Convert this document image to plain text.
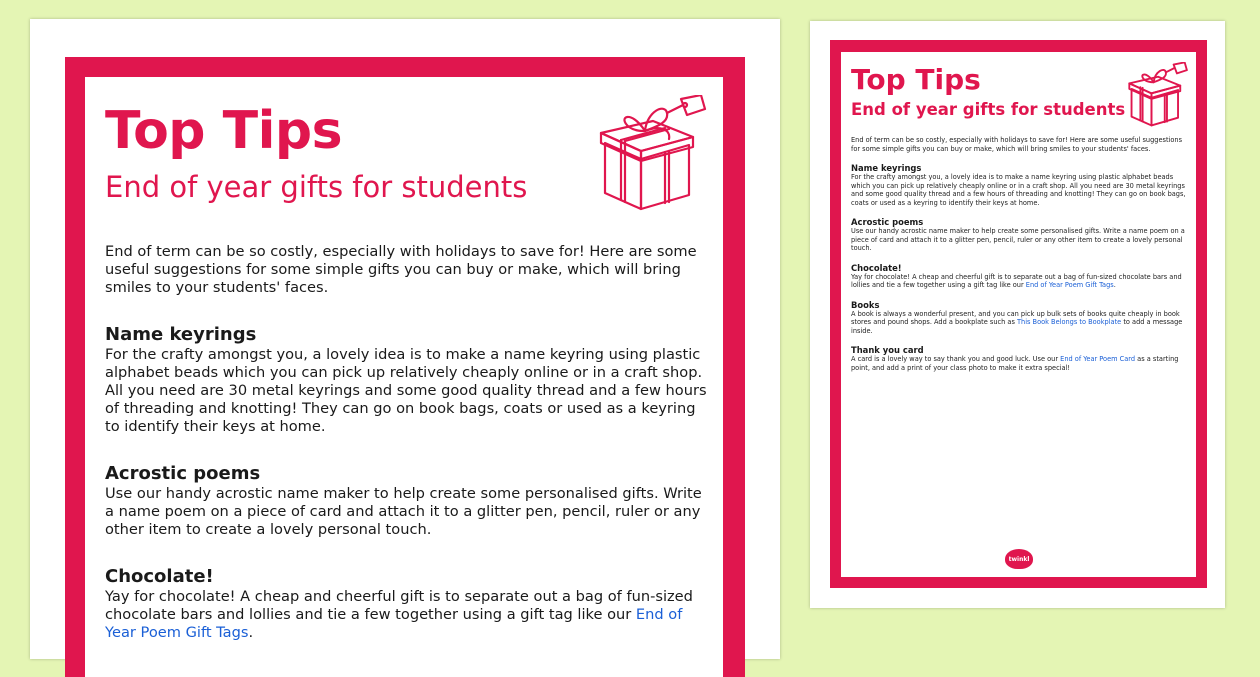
Top Tips
End of year gifts for students

End of term can be so costly, especially with holidays to save for! Here are some useful suggestions for some simple gifts you can buy or make, which will bring smiles to your students' faces.

Name keyrings

For the crafty amongst you, a lovely idea is to make a name keyring using plastic alphabet beads which you can pick up relatively cheaply online or in a craft shop. All you need are 30 metal keyrings and some good quality thread and a few hours of threading and knotting! They can go on book bags, coats or used as a keyring to identify their keys at home.

Acrostic poems

Use our handy acrostic name maker to help create some personalised gifts. Write a name poem on a piece of card and attach it to a glitter pen, pencil, ruler or any other item to create a lovely personal touch.

Chocolate!

Yay for chocolate! A cheap and cheerful gift is to separate out a bag of fun-sized chocolate bars and lollies and tie a few together using a gift tag like our End of Year Poem Gift Tags.

Top Tips
End of year gifts for students

End of term can be so costly, especially with holidays to save for! Here are some useful suggestions for some simple gifts you can buy or make, which will bring smiles to your students' faces.

Name keyrings

For the crafty amongst you, a lovely idea is to make a name keyring using plastic alphabet beads which you can pick up relatively cheaply online or in a craft shop. All you need are 30 metal keyrings and some good quality thread and a few hours of threading and knotting! They can go on book bags, coats or used as a keyring to identify their keys at home.

Acrostic poems

Use our handy acrostic name maker to help create some personalised gifts. Write a name poem on a piece of card and attach it to a glitter pen, pencil, ruler or any other item to create a lovely personal touch.

Chocolate!

Yay for chocolate! A cheap and cheerful gift is to separate out a bag of fun-sized chocolate bars and lollies and tie a few together using a gift tag like our End of Year Poem Gift Tags.

Books

A book is always a wonderful present, and you can pick up bulk sets of books quite cheaply in book stores and pound shops. Add a bookplate such as This Book Belongs to Bookplate to add a message inside.

Thank you card

A card is a lovely way to say thank you and good luck. Use our End of Year Poem Card as a starting point, and add a print of your class photo to make it extra special!

twinkl
